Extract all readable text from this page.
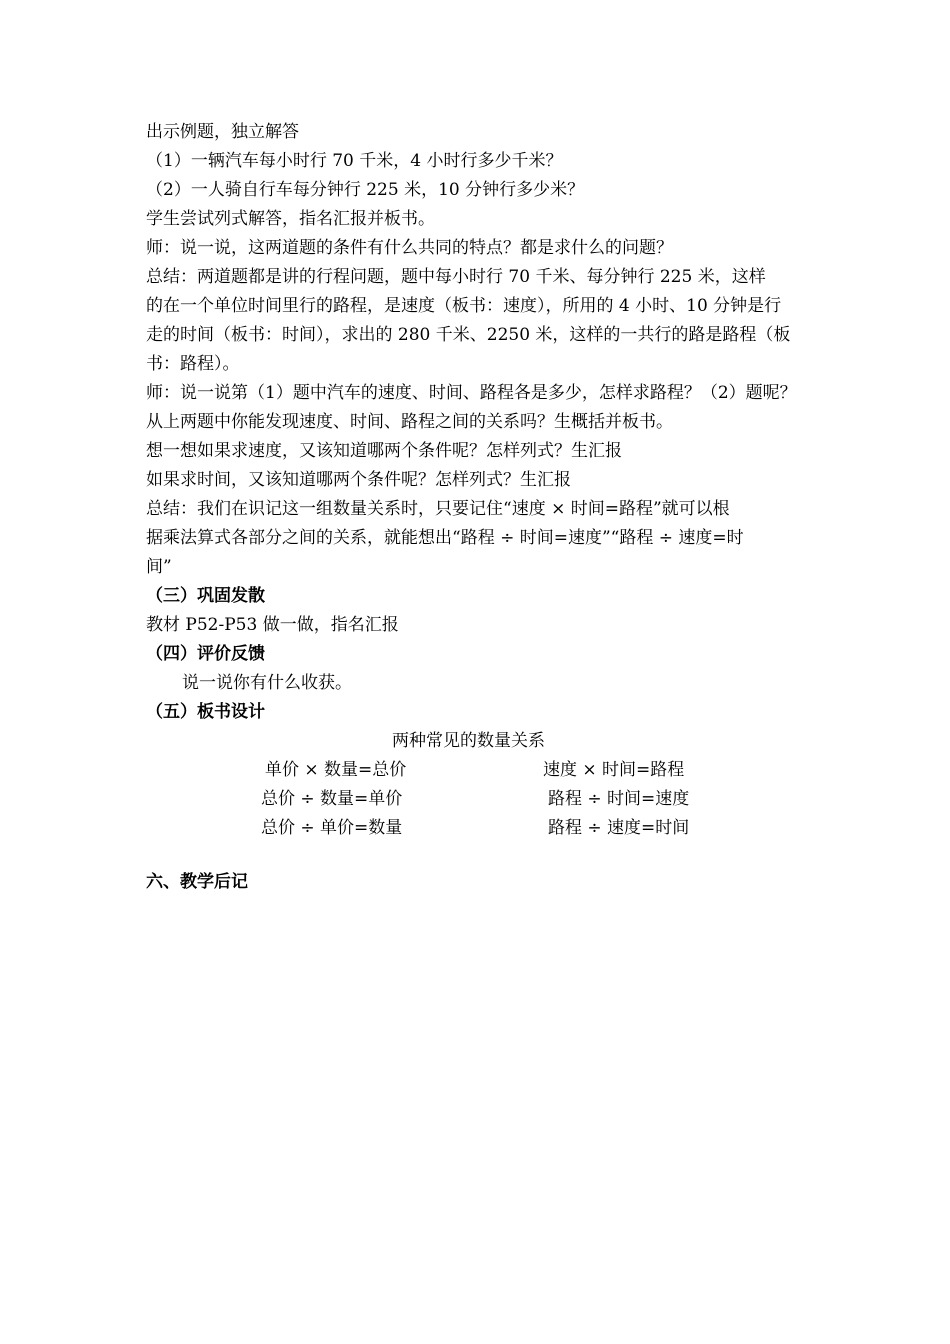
出示例题，独立解答
（1）一辆汽车每小时行 70 千米，4 小时行多少千米？
（2）一人骑自行车每分钟行 225 米，10 分钟行多少米？
学生尝试列式解答，指名汇报并板书。
师：说一说，这两道题的条件有什么共同的特点？都是求什么的问题？
总结：两道题都是讲的行程问题，题中每小时行 70 千米、每分钟行 225 米，这样
的在一个单位时间里行的路程，是速度（板书：速度），所用的 4 小时、10 分钟是行
走的时间（板书：时间），求出的 280 千米、2250 米，这样的一共行的路是路程（板
书：路程）。
师：说一说第（1）题中汽车的速度、时间、路程各是多少，怎样求路程？（2）题呢？
从上两题中你能发现速度、时间、路程之间的关系吗？生概括并板书。
想一想如果求速度，又该知道哪两个条件呢？怎样列式？生汇报
如果求时间，又该知道哪两个条件呢？怎样列式？生汇报
总结：我们在识记这一组数量关系时，只要记住“速度 × 时间=路程”就可以根
据乘法算式各部分之间的关系，就能想出“路程 ÷ 时间=速度”“路程 ÷ 速度=时
间”
（三）巩固发散
教材 P52-P53 做一做，指名汇报
（四）评价反馈
说一说你有什么收获。
（五）板书设计
两种常见的数量关系
单价 × 数量=总价
总价 ÷ 数量=单价
总价 ÷ 单价=数量
速度 × 时间=路程
路程 ÷ 时间=速度
路程 ÷ 速度=时间
六、教学后记
